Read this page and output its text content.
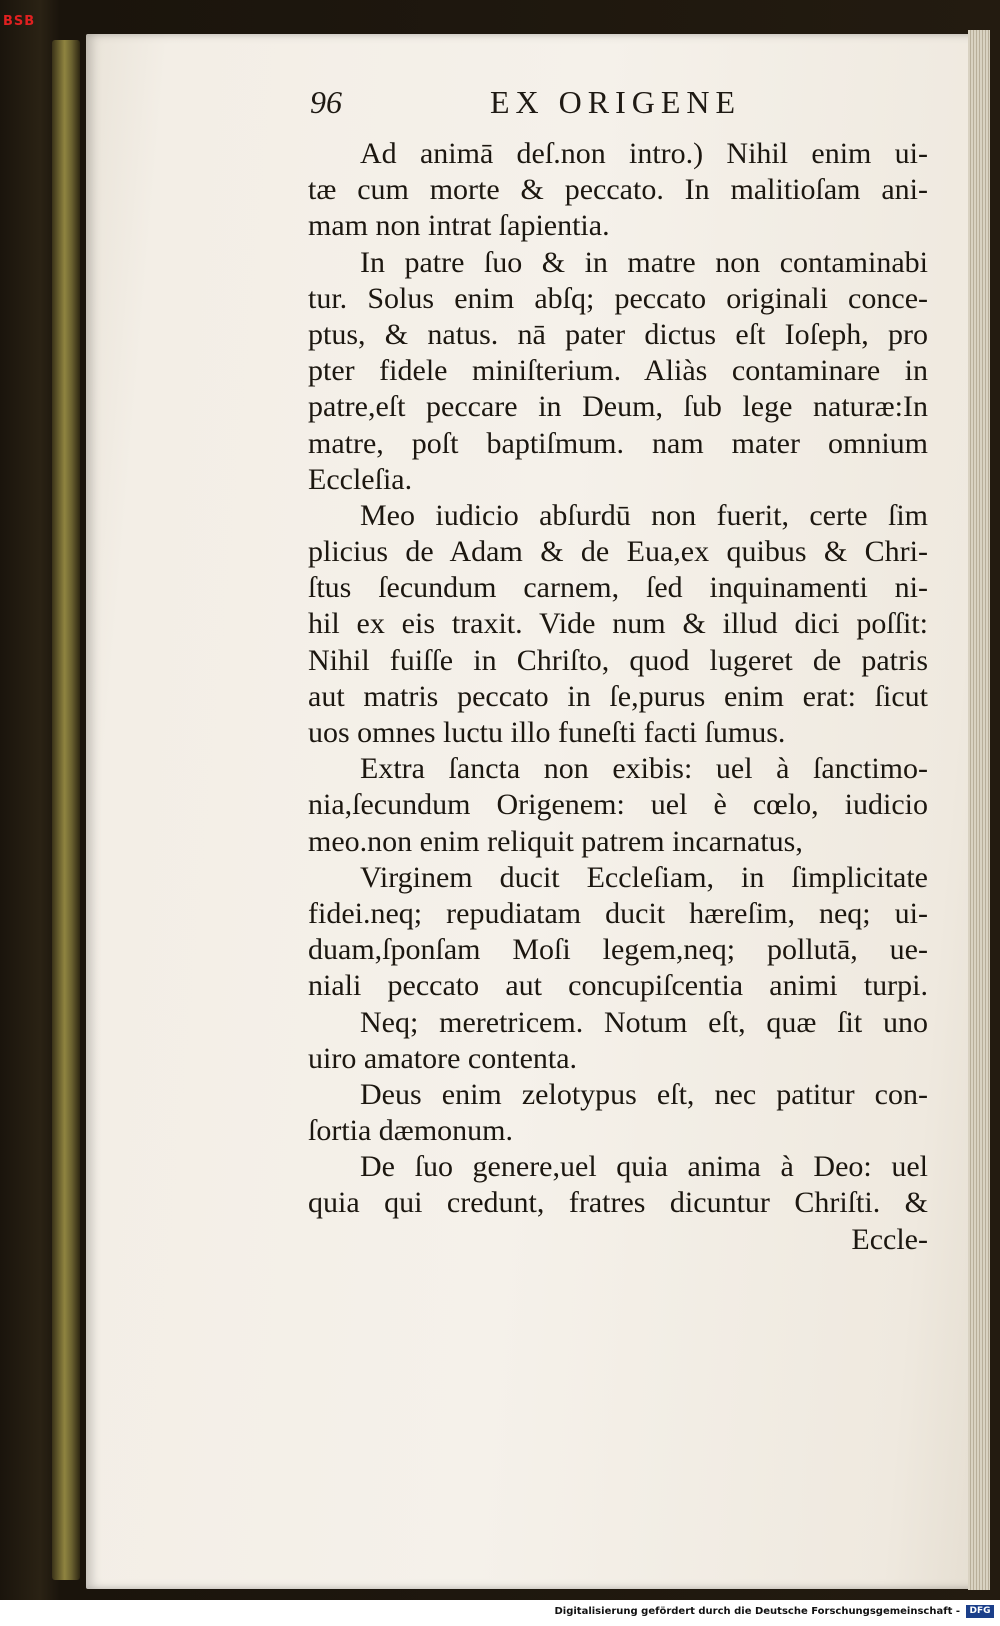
BSB
96	EX ORIGENE
Ad animā deſ.non intro.) Nihil enim ui-
tæ cum morte & peccato. In malitioſam ani-
mam non intrat ſapientia.
In patre ſuo & in matre non contaminabi
tur. Solus enim abſq; peccato originali conce-
ptus, & natus. nā pater dictus eſt Ioſeph, pro
pter fidele miniſterium. Aliàs contaminare in
patre,eſt peccare in Deum, ſub lege naturæ:In
matre, poſt baptiſmum. nam mater omnium
Eccleſia.
Meo iudicio abſurdū non fuerit, certe ſim
plicius de Adam & de Eua,ex quibus & Chri-
ſtus ſecundum carnem, ſed inquinamenti ni-
hil ex eis traxit. Vide num & illud dici poſſit:
Nihil fuiſſe in Chriſto, quod lugeret de patris
aut matris peccato in ſe,purus enim erat: ſicut
uos omnes luctu illo funeſti facti ſumus.
Extra ſancta non exibis: uel à ſanctimo-
nia,ſecundum Origenem: uel è cœlo, iudicio
meo.non enim reliquit patrem incarnatus,
Virginem ducit Eccleſiam, in ſimplicitate
fidei.neq; repudiatam ducit hæreſim, neq; ui-
duam,ſponſam Moſi legem,neq; pollutā, ue-
niali peccato aut concupiſcentia animi turpi.
Neq; meretricem. Notum eſt, quæ ſit uno
uiro amatore contenta.
Deus enim zelotypus eſt, nec patitur con-
ſortia dæmonum.
De ſuo genere,uel quia anima à Deo: uel
quia qui credunt, fratres dicuntur Chriſti. &
Eccle-
Digitalisierung gefördert durch die Deutsche Forschungsgemeinschaft -	DFG
